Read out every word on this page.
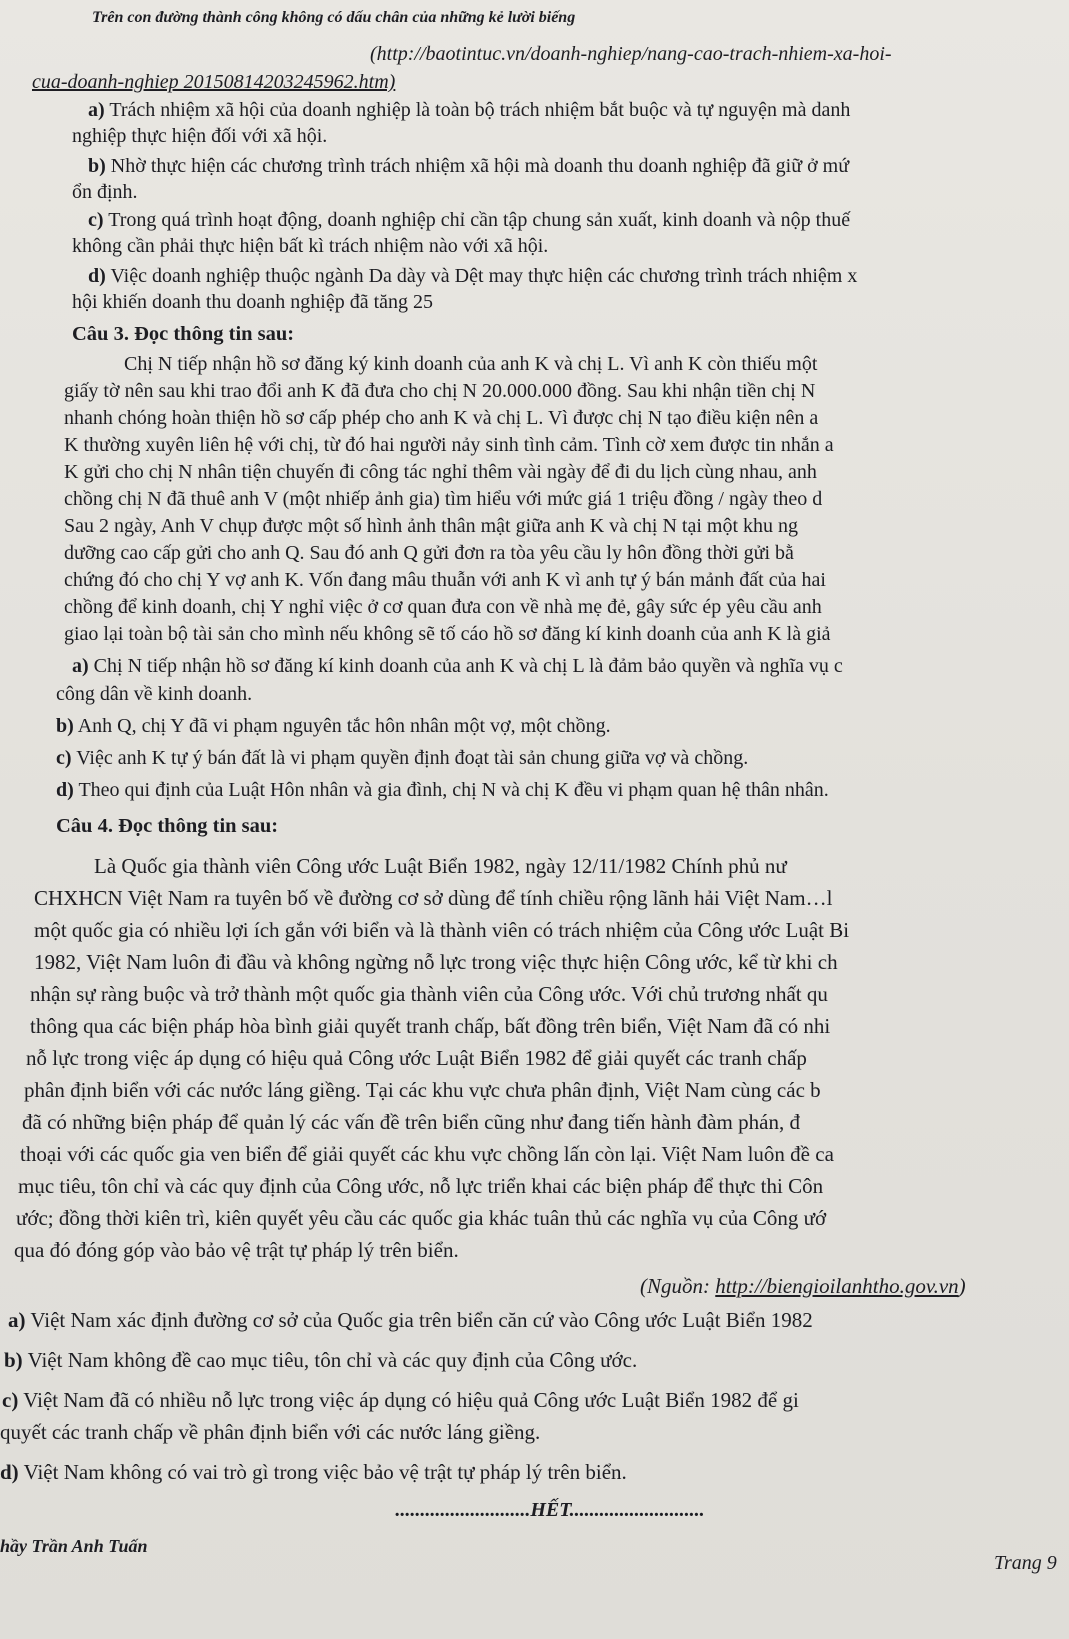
Trên con đường thành công không có dấu chân của những kẻ lười biếng
(http://baotintuc.vn/doanh-nghiep/nang-cao-trach-nhiem-xa-hoi-
cua-doanh-nghiep 20150814203245962.htm)
a) Trách nhiệm xã hội của doanh nghiệp là toàn bộ trách nhiệm bắt buộc và tự nguyện mà danh
nghiệp thực hiện đối với xã hội.
b) Nhờ thực hiện các chương trình trách nhiệm xã hội mà doanh thu doanh nghiệp đã giữ ở mứ
ổn định.
c) Trong quá trình hoạt động, doanh nghiệp chỉ cần tập chung sản xuất, kinh doanh và nộp thuế
không cần phải thực hiện bất kì trách nhiệm nào với xã hội.
d) Việc doanh nghiệp thuộc ngành Da dày và Dệt may thực hiện các chương trình trách nhiệm x
hội khiến doanh thu doanh nghiệp đã tăng 25
Câu 3. Đọc thông tin sau:
Chị N tiếp nhận hồ sơ đăng ký kinh doanh của anh K và chị L. Vì anh K còn thiếu một
giấy tờ nên sau khi trao đổi anh K đã đưa cho chị N 20.000.000 đồng. Sau khi nhận tiền chị N
nhanh chóng hoàn thiện hồ sơ cấp phép cho anh K và chị L. Vì được chị N tạo điều kiện nên a
K thường xuyên liên hệ với chị, từ đó hai người nảy sinh tình cảm. Tình cờ xem được tin nhắn a
K gửi cho chị N nhân tiện chuyến đi công tác nghỉ thêm vài ngày để đi du lịch cùng nhau, anh
chồng chị N đã thuê anh V (một nhiếp ảnh gia) tìm hiểu với mức giá 1 triệu đồng / ngày theo d
Sau 2 ngày, Anh V chụp được một số hình ảnh thân mật giữa anh K và chị N tại một khu ng
dưỡng cao cấp gửi cho anh Q. Sau đó anh Q gửi đơn ra tòa yêu cầu ly hôn đồng thời gửi bằ
chứng đó cho chị Y vợ anh K. Vốn đang mâu thuẫn với anh K vì anh tự ý bán mảnh đất của hai
chồng để kinh doanh, chị Y nghỉ việc ở cơ quan đưa con về nhà mẹ đẻ, gây sức ép yêu cầu anh
giao lại toàn bộ tài sản cho mình nếu không sẽ tố cáo hồ sơ đăng kí kinh doanh của anh K là giả
a) Chị N tiếp nhận hồ sơ đăng kí kinh doanh của anh K và chị L là đảm bảo quyền và nghĩa vụ c
công dân về kinh doanh.
b) Anh Q, chị Y đã vi phạm nguyên tắc hôn nhân một vợ, một chồng.
c) Việc anh K tự ý bán đất là vi phạm quyền định đoạt tài sản chung giữa vợ và chồng.
d) Theo qui định của Luật Hôn nhân và gia đình, chị N và chị K đều vi phạm quan hệ thân nhân.
Câu 4. Đọc thông tin sau:
Là Quốc gia thành viên Công ước Luật Biển 1982, ngày 12/11/1982 Chính phủ nư
CHXHCN Việt Nam ra tuyên bố về đường cơ sở dùng để tính chiều rộng lãnh hải Việt Nam…l
một quốc gia có nhiều lợi ích gắn với biển và là thành viên có trách nhiệm của Công ước Luật Bi
1982, Việt Nam luôn đi đầu và không ngừng nỗ lực trong việc thực hiện Công ước, kể từ khi ch
nhận sự ràng buộc và trở thành một quốc gia thành viên của Công ước. Với chủ trương nhất qu
thông qua các biện pháp hòa bình giải quyết tranh chấp, bất đồng trên biển, Việt Nam đã có nhi
nỗ lực trong việc áp dụng có hiệu quả Công ước Luật Biển 1982 để giải quyết các tranh chấp
phân định biển với các nước láng giềng. Tại các khu vực chưa phân định, Việt Nam cùng các b
đã có những biện pháp để quản lý các vấn đề trên biển cũng như đang tiến hành đàm phán, đ
thoại với các quốc gia ven biển để giải quyết các khu vực chồng lấn còn lại. Việt Nam luôn đề ca
mục tiêu, tôn chỉ và các quy định của Công ước, nỗ lực triển khai các biện pháp để thực thi Côn
ước; đồng thời kiên trì, kiên quyết yêu cầu các quốc gia khác tuân thủ các nghĩa vụ của Công ướ
qua đó đóng góp vào bảo vệ trật tự pháp lý trên biển.
(Nguồn: http://biengioilanhtho.gov.vn)
a) Việt Nam xác định đường cơ sở của Quốc gia trên biển căn cứ vào Công ước Luật Biển 1982
b) Việt Nam không đề cao mục tiêu, tôn chỉ và các quy định của Công ước.
c) Việt Nam đã có nhiều nỗ lực trong việc áp dụng có hiệu quả Công ước Luật Biển 1982 để gi
quyết các tranh chấp về phân định biển với các nước láng giềng.
d) Việt Nam không có vai trò gì trong việc bảo vệ trật tự pháp lý trên biển.
...........................HẾT...........................
hầy Trần Anh Tuấn
Trang 9
